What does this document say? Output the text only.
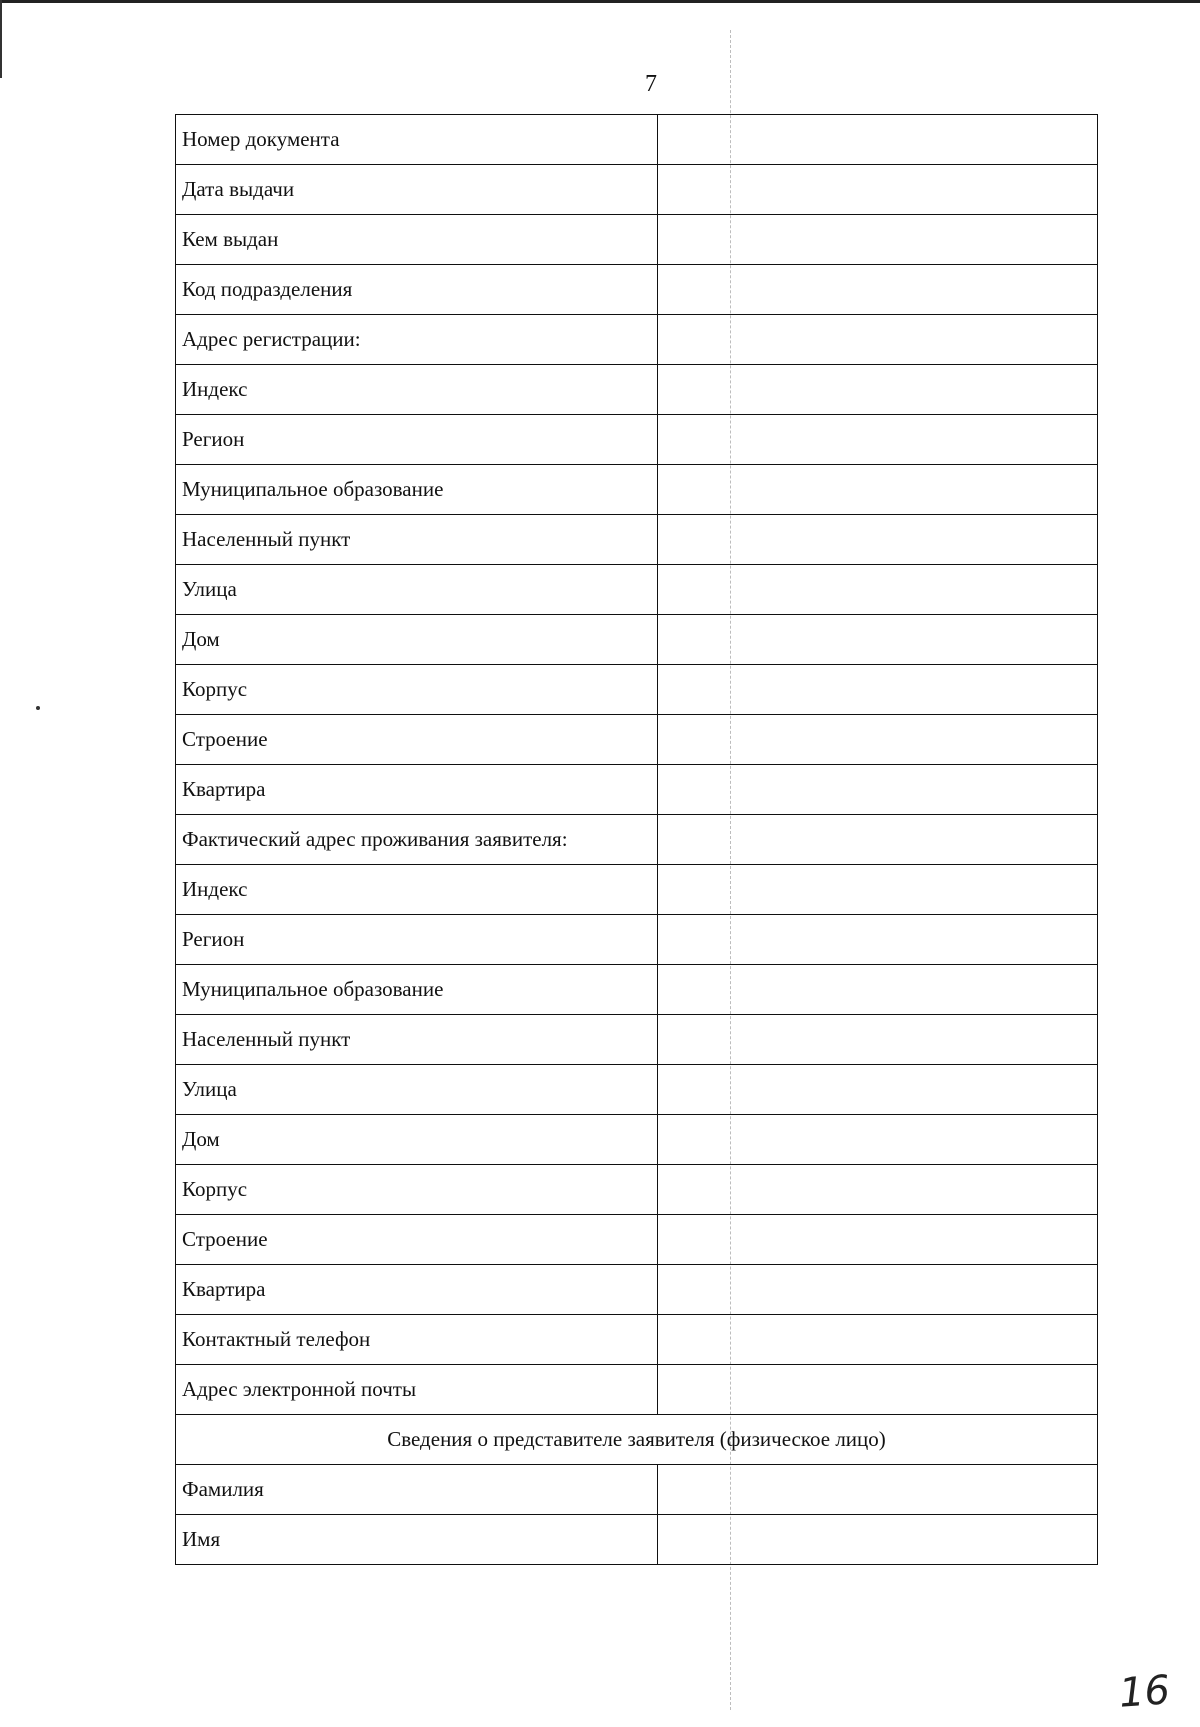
7
Номер документа	
Дата выдачи	
Кем выдан	
Код подразделения	
Адрес регистрации:	
Индекс	
Регион	
Муниципальное образование	
Населенный пункт	
Улица	
Дом	
Корпус	
Строение	
Квартира	
Фактический адрес проживания заявителя:	
Индекс	
Регион	
Муниципальное образование	
Населенный пункт	
Улица	
Дом	
Корпус	
Строение	
Квартира	
Контактный телефон	
Адрес электронной почты	
Сведения о представителе заявителя (физическое лицо)	
Фамилия	
Имя	
16
